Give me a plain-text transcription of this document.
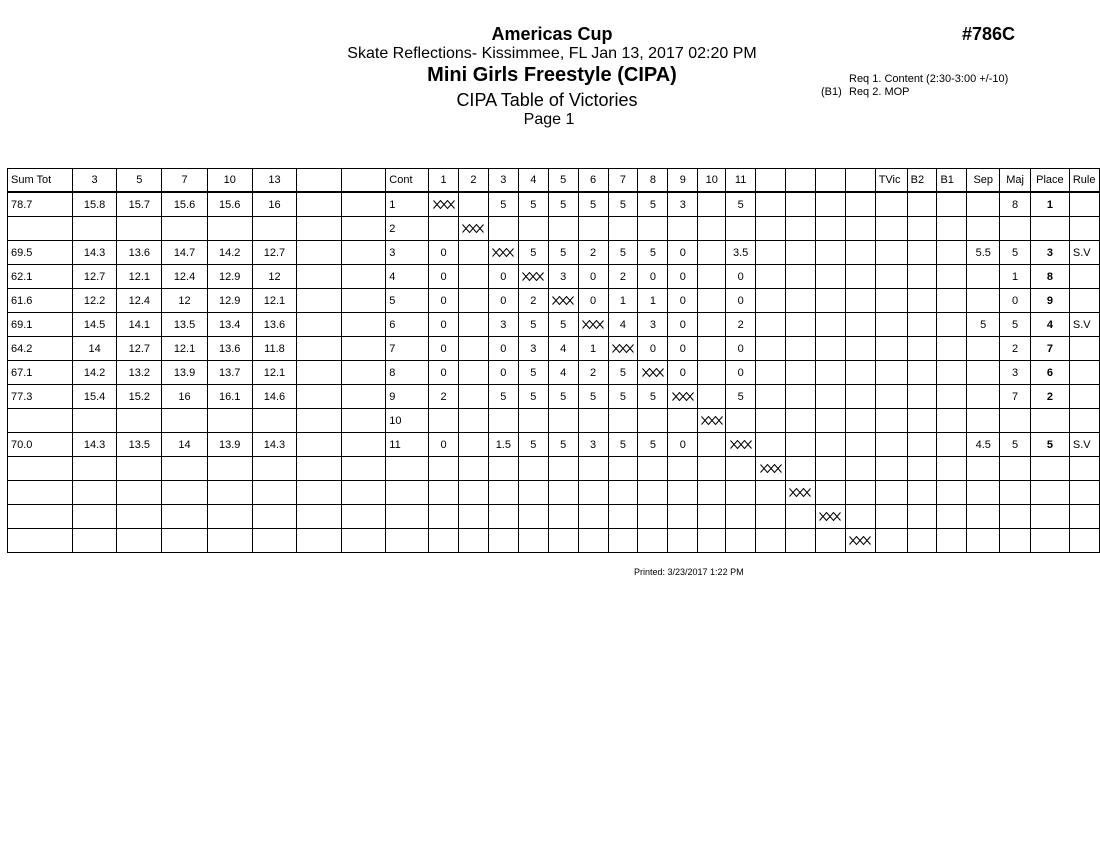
Americas Cup	#786C
Skate Reflections- Kissimmee, FL Jan 13, 2017 02:20 PM
Mini Girls Freestyle (CIPA)
CIPA Table of Victories
Page 1
Req 1. Content (2:30-3:00 +/-10)
(B1) Req 2. MOP
Sum Tot	3	5	7	10	13			Cont	1	2	3	4	5	6	7	8	9	10	11					TVic	B2	B1	Sep	Maj	Place	Rule
78.7	15.8	15.7	15.6	15.6	16			1			5	5	5	5	5	5	3		5									8	1	
								2																						
69.5	14.3	13.6	14.7	14.2	12.7			3	0			5	5	2	5	5	0		3.5								5.5	5	3	S.V
62.1	12.7	12.1	12.4	12.9	12			4	0		0		3	0	2	0	0		0									1	8	
61.6	12.2	12.4	12	12.9	12.1			5	0		0	2		0	1	1	0		0									0	9	
69.1	14.5	14.1	13.5	13.4	13.6			6	0		3	5	5		4	3	0		2								5	5	4	S.V
64.2	14	12.7	12.1	13.6	11.8			7	0		0	3	4	1		0	0		0									2	7	
67.1	14.2	13.2	13.9	13.7	12.1			8	0		0	5	4	2	5		0		0									3	6	
77.3	15.4	15.2	16	16.1	14.6			9	2		5	5	5	5	5	5			5									7	2	
								10																						
70.0	14.3	13.5	14	13.9	14.3			11	0		1.5	5	5	3	5	5	0										4.5	5	5	S.V

Printed: 3/23/2017 1:22 PM
